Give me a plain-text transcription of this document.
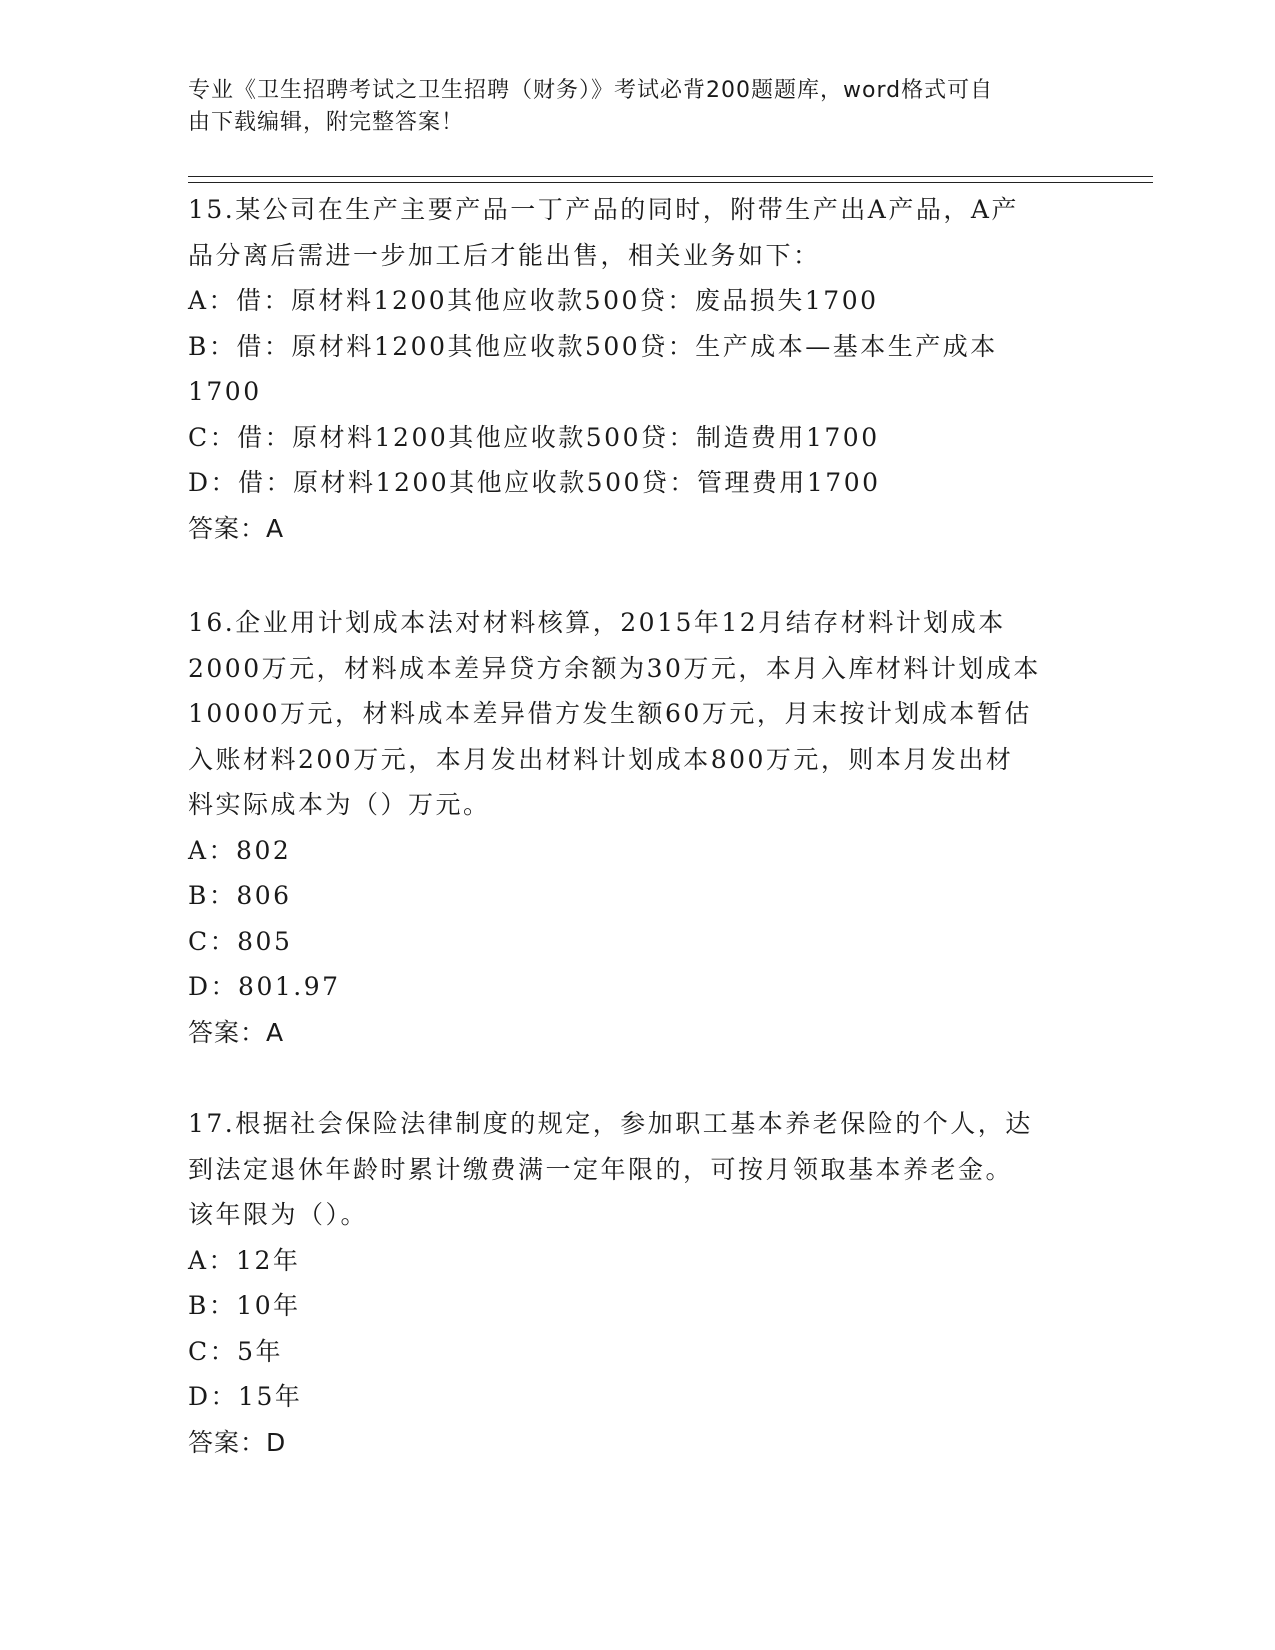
专业《卫生招聘考试之卫生招聘（财务）》考试必背200题题库，word格式可自
由下载编辑，附完整答案！

15.某公司在生产主要产品一丁产品的同时，附带生产出A产品，A产

品分离后需进一步加工后才能出售，相关业务如下：

A：借：原材料1200其他应收款500贷：废品损失1700

B：借：原材料1200其他应收款500贷：生产成本—基本生产成本

1700

C：借：原材料1200其他应收款500贷：制造费用1700

D：借：原材料1200其他应收款500贷：管理费用1700

答案：A

16.企业用计划成本法对材料核算，2015年12月结存材料计划成本

2000万元，材料成本差异贷方余额为30万元，本月入库材料计划成本

10000万元，材料成本差异借方发生额60万元，月末按计划成本暂估

入账材料200万元，本月发出材料计划成本800万元，则本月发出材

料实际成本为（）万元。

A：802

B：806

C：805

D：801.97

答案：A

17.根据社会保险法律制度的规定，参加职工基本养老保险的个人，达

到法定退休年龄时累计缴费满一定年限的，可按月领取基本养老金。

该年限为（）。

A：12年

B：10年

C：5年

D：15年

答案：D
